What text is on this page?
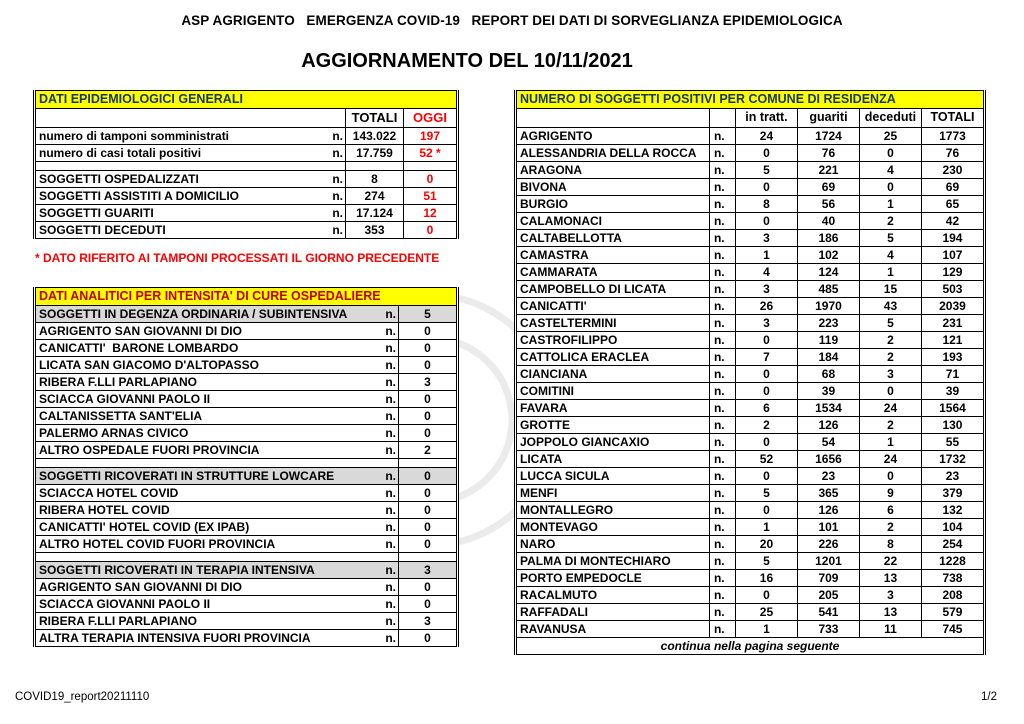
ASP AGRIGENTO   EMERGENZA COVID-19   REPORT DEI DATI DI SORVEGLIANZA EPIDEMIOLOGICA
AGGIORNAMENTO DEL 10/11/2021
DATI EPIDEMIOLOGICI GENERALI			
		TOTALI	OGGI
numero di tamponi somministrati	n.	143.022	197
numero di casi totali positivi	n.	17.759	52 *

SOGGETTI OSPEDALIZZATI	n.	8	0
SOGGETTI ASSISTITI A DOMICILIO	n.	274	51
SOGGETTI GUARITI	n.	17.124	12
SOGGETTI DECEDUTI	n.	353	0
* DATO RIFERITO AI TAMPONI PROCESSATI IL GIORNO PRECEDENTE
DATI ANALITICI PER INTENSITA' DI CURE OSPEDALIERE		
SOGGETTI IN DEGENZA ORDINARIA / SUBINTENSIVA	n.	5
AGRIGENTO SAN GIOVANNI DI DIO	n.	0
CANICATTI'  BARONE LOMBARDO	n.	0
LICATA SAN GIACOMO D'ALTOPASSO	n.	0
RIBERA F.LLI PARLAPIANO	n.	3
SCIACCA GIOVANNI PAOLO II	n.	0
CALTANISSETTA SANT'ELIA	n.	0
PALERMO ARNAS CIVICO	n.	0
ALTRO OSPEDALE FUORI PROVINCIA	n.	2

SOGGETTI RICOVERATI IN STRUTTURE LOWCARE	n.	0
SCIACCA HOTEL COVID	n.	0
RIBERA HOTEL COVID	n.	0
CANICATTI' HOTEL COVID (EX IPAB)	n.	0
ALTRO HOTEL COVID FUORI PROVINCIA	n.	0

SOGGETTI RICOVERATI IN TERAPIA INTENSIVA	n.	3
AGRIGENTO SAN GIOVANNI DI DIO	n.	0
SCIACCA GIOVANNI PAOLO II	n.	0
RIBERA F.LLI PARLAPIANO	n.	3
ALTRA TERAPIA INTENSIVA FUORI PROVINCIA	n.	0
NUMERO DI SOGGETTI POSITIVI PER COMUNE DI RESIDENZA					
		in tratt.	guariti	deceduti	TOTALI
AGRIGENTO	n.	24	1724	25	1773
ALESSANDRIA DELLA ROCCA	n.	0	76	0	76
ARAGONA	n.	5	221	4	230
BIVONA	n.	0	69	0	69
BURGIO	n.	8	56	1	65
CALAMONACI	n.	0	40	2	42
CALTABELLOTTA	n.	3	186	5	194
CAMASTRA	n.	1	102	4	107
CAMMARATA	n.	4	124	1	129
CAMPOBELLO DI LICATA	n.	3	485	15	503
CANICATTI'	n.	26	1970	43	2039
CASTELTERMINI	n.	3	223	5	231
CASTROFILIPPO	n.	0	119	2	121
CATTOLICA ERACLEA	n.	7	184	2	193
CIANCIANA	n.	0	68	3	71
COMITINI	n.	0	39	0	39
FAVARA	n.	6	1534	24	1564
GROTTE	n.	2	126	2	130
JOPPOLO GIANCAXIO	n.	0	54	1	55
LICATA	n.	52	1656	24	1732
LUCCA SICULA	n.	0	23	0	23
MENFI	n.	5	365	9	379
MONTALLEGRO	n.	0	126	6	132
MONTEVAGO	n.	1	101	2	104
NARO	n.	20	226	8	254
PALMA DI MONTECHIARO	n.	5	1201	22	1228
PORTO EMPEDOCLE	n.	16	709	13	738
RACALMUTO	n.	0	205	3	208
RAFFADALI	n.	25	541	13	579
RAVANUSA	n.	1	733	11	745
continua nella pagina seguente					
COVID19_report20211110	1/2
